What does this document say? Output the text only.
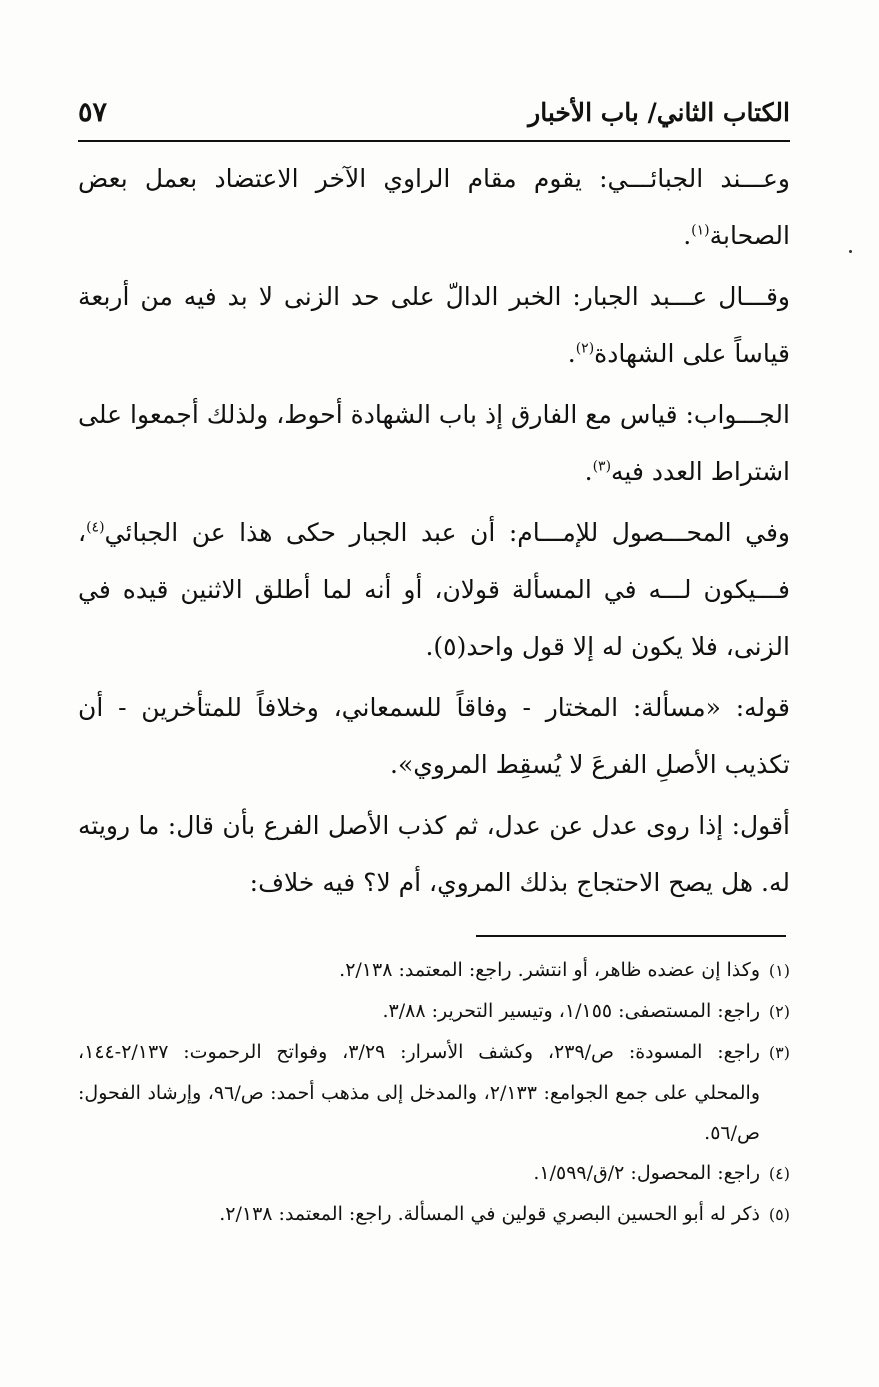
الكتاب الثاني/ باب الأخبار
٥٧

وعـــند الجبائـــي: يقوم مقام الراوي الآخر الاعتضاد بعمل بعض الصحابة$^{(١)}$.

وقـــال عـــبد الجبار: الخبر الدالّ على حد الزنى لا بد فيه من أربعة قياساً على الشهادة$^{(٢)}$.

الجـــواب: قياس مع الفارق إذ باب الشهادة أحوط، ولذلك أجمعوا على اشتراط العدد فيه$^{(٣)}$.

وفي المحـــصول للإمـــام: أن عبد الجبار حكى هذا عن الجبائي$^{(٤)}$، فـــيكون لـــه في المسألة قولان، أو أنه لما أطلق الاثنين قيده في الزنى، فلا يكون له إلا قول واحد(٥).

قوله: «مسألة: المختار - وفاقاً للسمعاني، وخلافاً للمتأخرين - أن تكذيب الأصلِ الفرعَ لا يُسقِط المروي».

أقول: إذا روى عدل عن عدل، ثم كذب الأصل الفرع بأن قال: ما رويته له. هل يصح الاحتجاج بذلك المروي، أم لا؟ فيه خلاف:

(١)وكذا إن عضده ظاهر، أو انتشر. راجع: المعتمد: ٢/١٣٨.

(٢)راجع: المستصفى: ١/١٥٥، وتيسير التحرير: ٣/٨٨.

(٣)راجع: المسودة: ص/٢٣٩، وكشف الأسرار: ٣/٢٩، وفواتح الرحموت: ٢/١٣٧-١٤٤، والمحلي على جمع الجوامع: ٢/١٣٣، والمدخل إلى مذهب أحمد: ص/٩٦، وإرشاد الفحول: ص/٥٦.

(٤)راجع: المحصول: ٢/ق/١/٥٩٩.

(٥)ذكر له أبو الحسين البصري قولين في المسألة. راجع: المعتمد: ٢/١٣٨.
